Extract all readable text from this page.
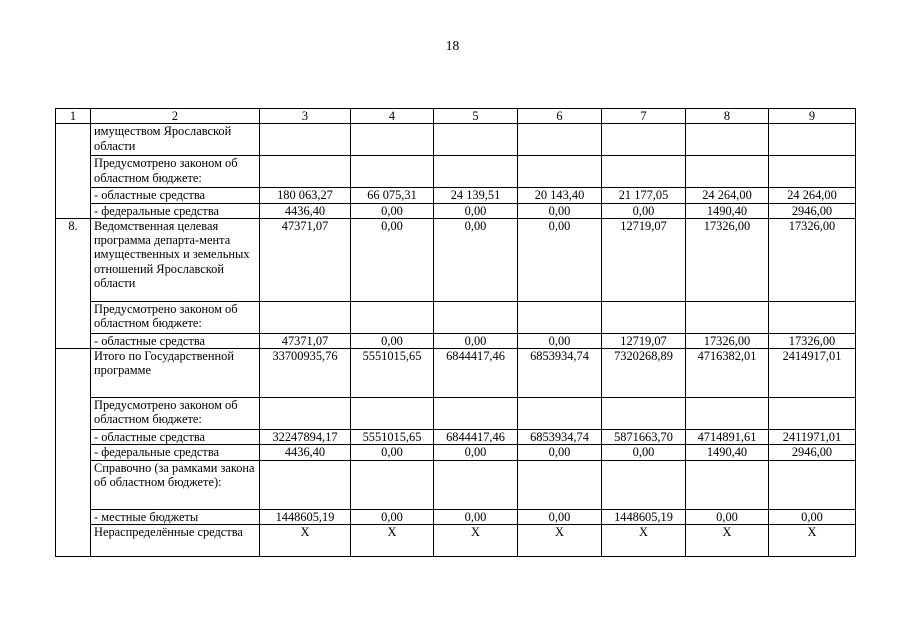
18
1	2	3	4	5	6	7	8	9
	имуществом Ярославской области							
	Предусмотрено законом об областном бюджете:							
	- областные средства	180 063,27	66 075,31	24 139,51	20 143,40	21 177,05	24 264,00	24 264,00
	- федеральные средства	4436,40	0,00	0,00	0,00	0,00	1490,40	2946,00
8.	Ведомственная целевая программа департа-мента имущественных и земельных отношений Ярославской области	47371,07	0,00	0,00	0,00	12719,07	17326,00	17326,00
	Предусмотрено законом об областном бюджете:							
	- областные средства	47371,07	0,00	0,00	0,00	12719,07	17326,00	17326,00
	Итого по Государственной программе	33700935,76	5551015,65	6844417,46	6853934,74	7320268,89	4716382,01	2414917,01
	Предусмотрено законом об областном бюджете:							
	- областные средства	32247894,17	5551015,65	6844417,46	6853934,74	5871663,70	4714891,61	2411971,01
	- федеральные средства	4436,40	0,00	0,00	0,00	0,00	1490,40	2946,00
	Справочно (за рамками закона об областном бюджете):							
	- местные бюджеты	1448605,19	0,00	0,00	0,00	1448605,19	0,00	0,00
	Нераспределённые средства	Х	Х	Х	Х	Х	Х	Х
